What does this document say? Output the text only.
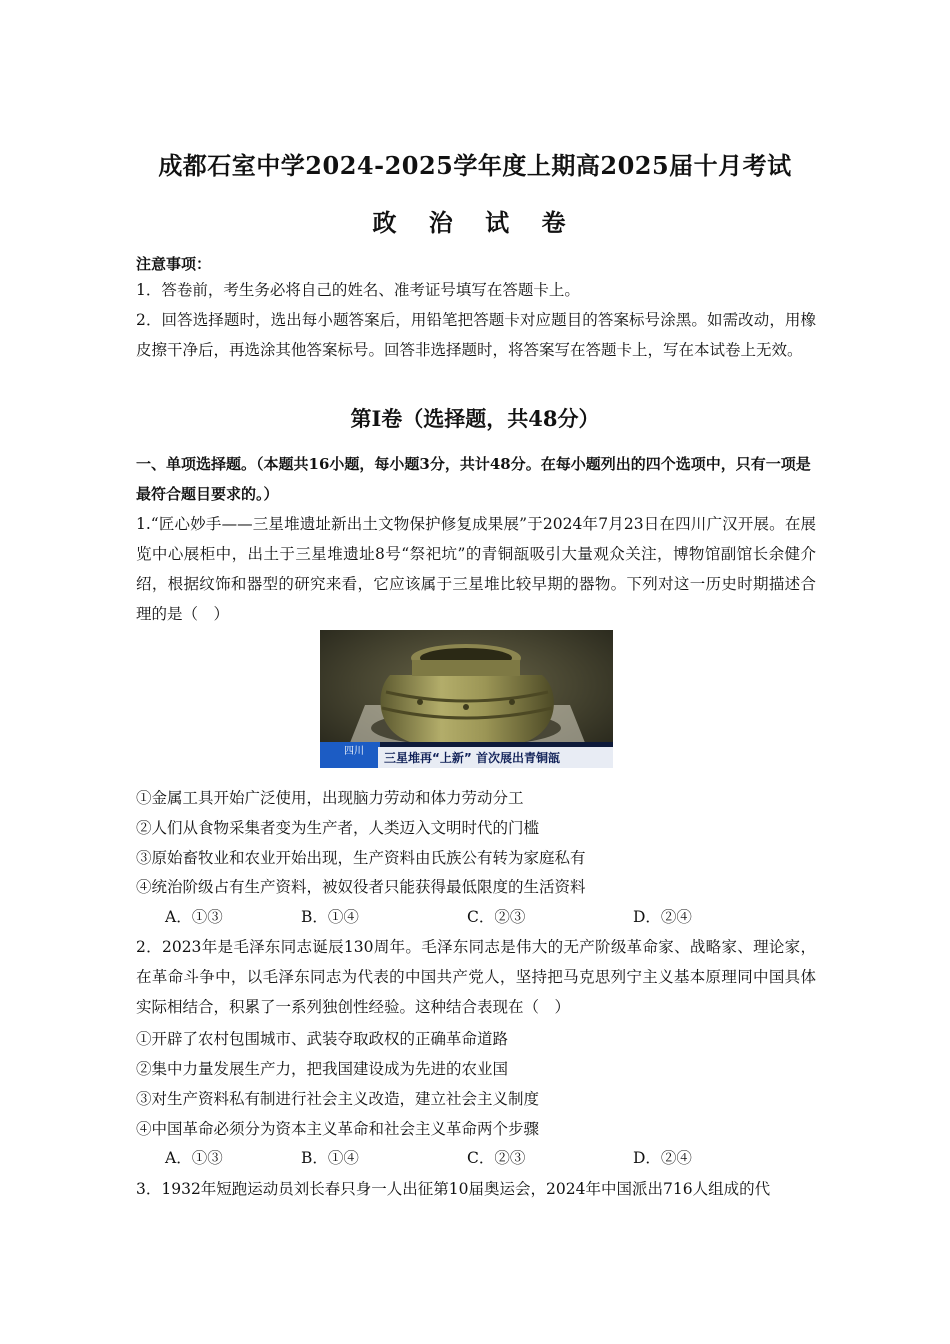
成都石室中学2024-2025学年度上期高2025届十月考试
政 治 试 卷
注意事项：
1．答卷前，考生务必将自己的姓名、准考证号填写在答题卡上。
2．回答选择题时，选出每小题答案后，用铅笔把答题卡对应题目的答案标号涂黑。如需改动，用橡皮擦干净后，再选涂其他答案标号。回答非选择题时，将答案写在答题卡上，写在本试卷上无效。
第Ⅰ卷（选择题，共48分）
一、单项选择题。（本题共16小题，每小题3分，共计48分。在每小题列出的四个选项中，只有一项是最符合题目要求的。）
1.“匠心妙手——三星堆遗址新出土文物保护修复成果展”于2024年7月23日在四川广汉开展。在展览中心展柜中，出土于三星堆遗址8号“祭祀坑”的青铜瓿吸引大量观众关注，博物馆副馆长余健介绍，根据纹饰和器型的研究来看，它应该属于三星堆比较早期的器物。下列对这一历史时期描述合理的是（　）
四川 三星堆再“上新” 首次展出青铜瓿
①金属工具开始广泛使用，出现脑力劳动和体力劳动分工
②人们从食物采集者变为生产者，人类迈入文明时代的门槛
③原始畜牧业和农业开始出现，生产资料由氏族公有转为家庭私有
④统治阶级占有生产资料，被奴役者只能获得最低限度的生活资料
A．①③	B．①④	C．②③	D．②④
2．2023年是毛泽东同志诞辰130周年。毛泽东同志是伟大的无产阶级革命家、战略家、理论家，在革命斗争中，以毛泽东同志为代表的中国共产党人，坚持把马克思列宁主义基本原理同中国具体实际相结合，积累了一系列独创性经验。这种结合表现在（　）
①开辟了农村包围城市、武装夺取政权的正确革命道路
②集中力量发展生产力，把我国建设成为先进的农业国
③对生产资料私有制进行社会主义改造，建立社会主义制度
④中国革命必须分为资本主义革命和社会主义革命两个步骤
A．①③	B．①④	C．②③	D．②④
3．1932年短跑运动员刘长春只身一人出征第10届奥运会，2024年中国派出716人组成的代
